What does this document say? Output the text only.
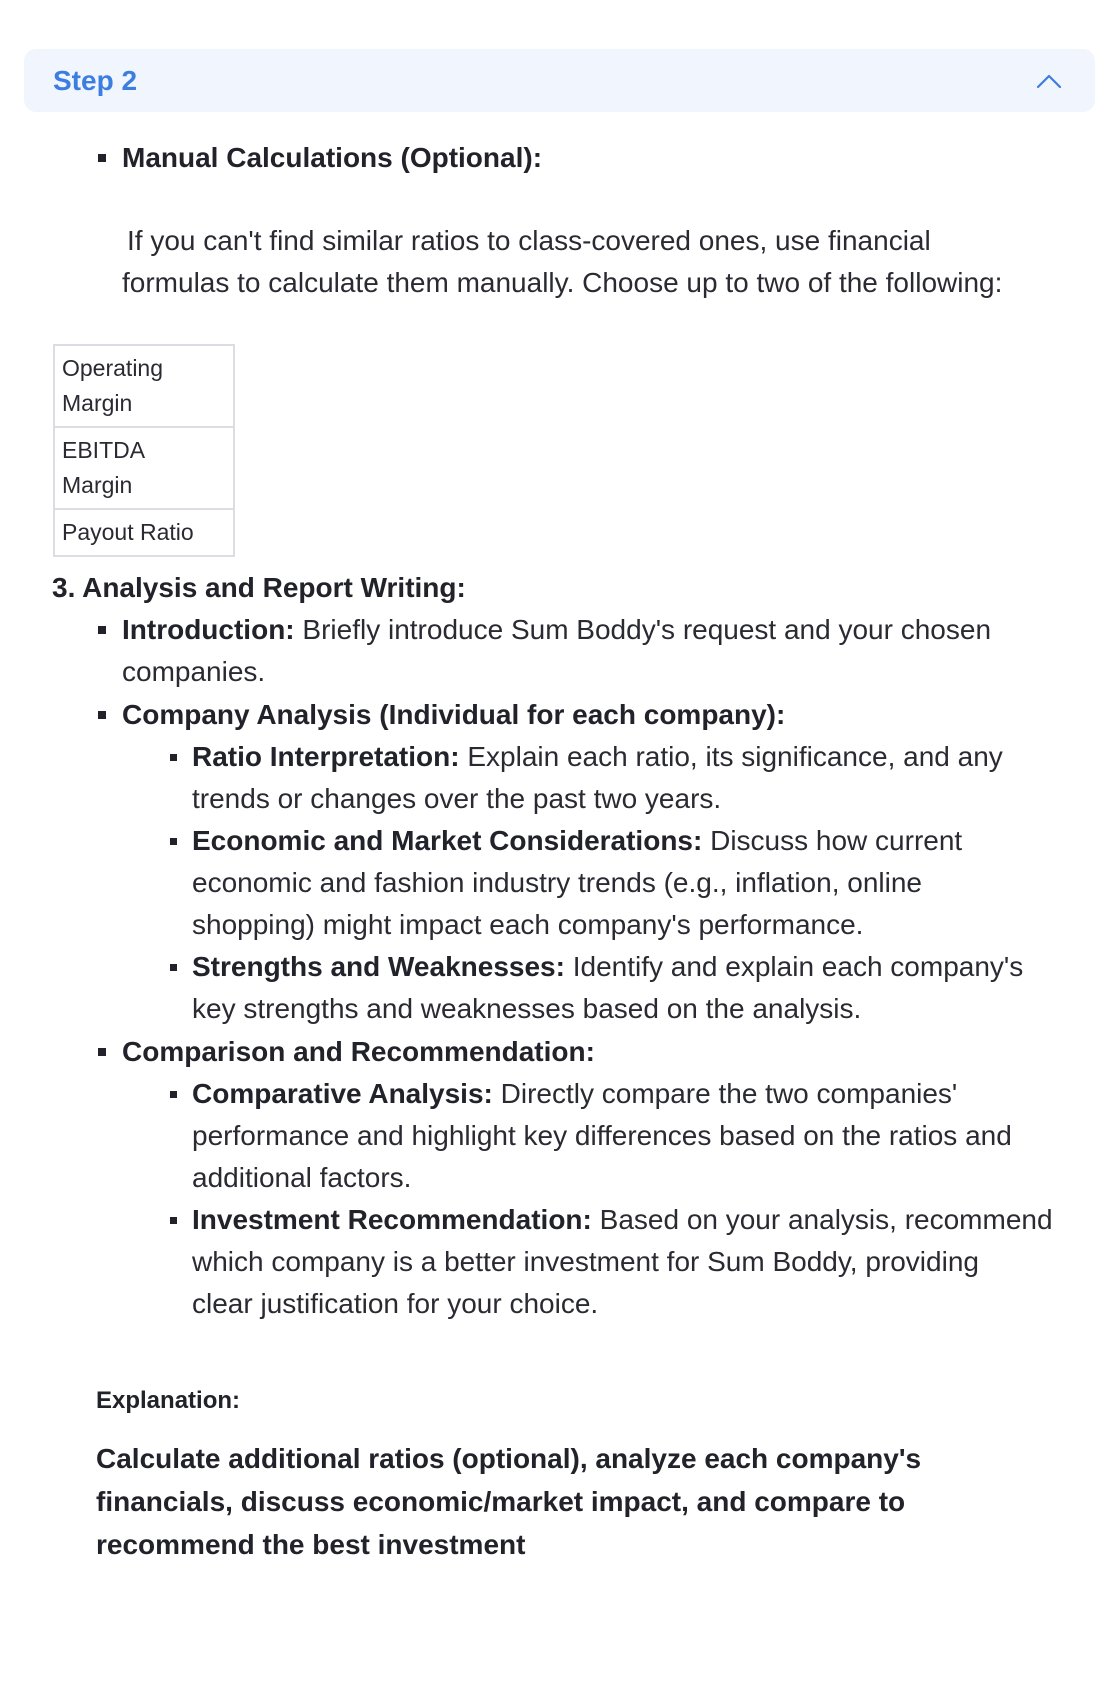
Step 2
Manual Calculations (Optional):
If you can't find similar ratios to class-covered ones, use financial
formulas to calculate them manually. Choose up to two of the following:
Operating
Margin
EBITDA
Margin
Payout Ratio
3. Analysis and Report Writing:
Introduction: Briefly introduce Sum Boddy's request and your chosen
companies.
Company Analysis (Individual for each company):
Ratio Interpretation: Explain each ratio, its significance, and any
trends or changes over the past two years.
Economic and Market Considerations: Discuss how current
economic and fashion industry trends (e.g., inflation, online
shopping) might impact each company's performance.
Strengths and Weaknesses: Identify and explain each company's
key strengths and weaknesses based on the analysis.
Comparison and Recommendation:
Comparative Analysis: Directly compare the two companies'
performance and highlight key differences based on the ratios and
additional factors.
Investment Recommendation: Based on your analysis, recommend
which company is a better investment for Sum Boddy, providing
clear justification for your choice.
Explanation:
Calculate additional ratios (optional), analyze each company's financials, discuss economic/market impact, and compare to recommend the best investment
